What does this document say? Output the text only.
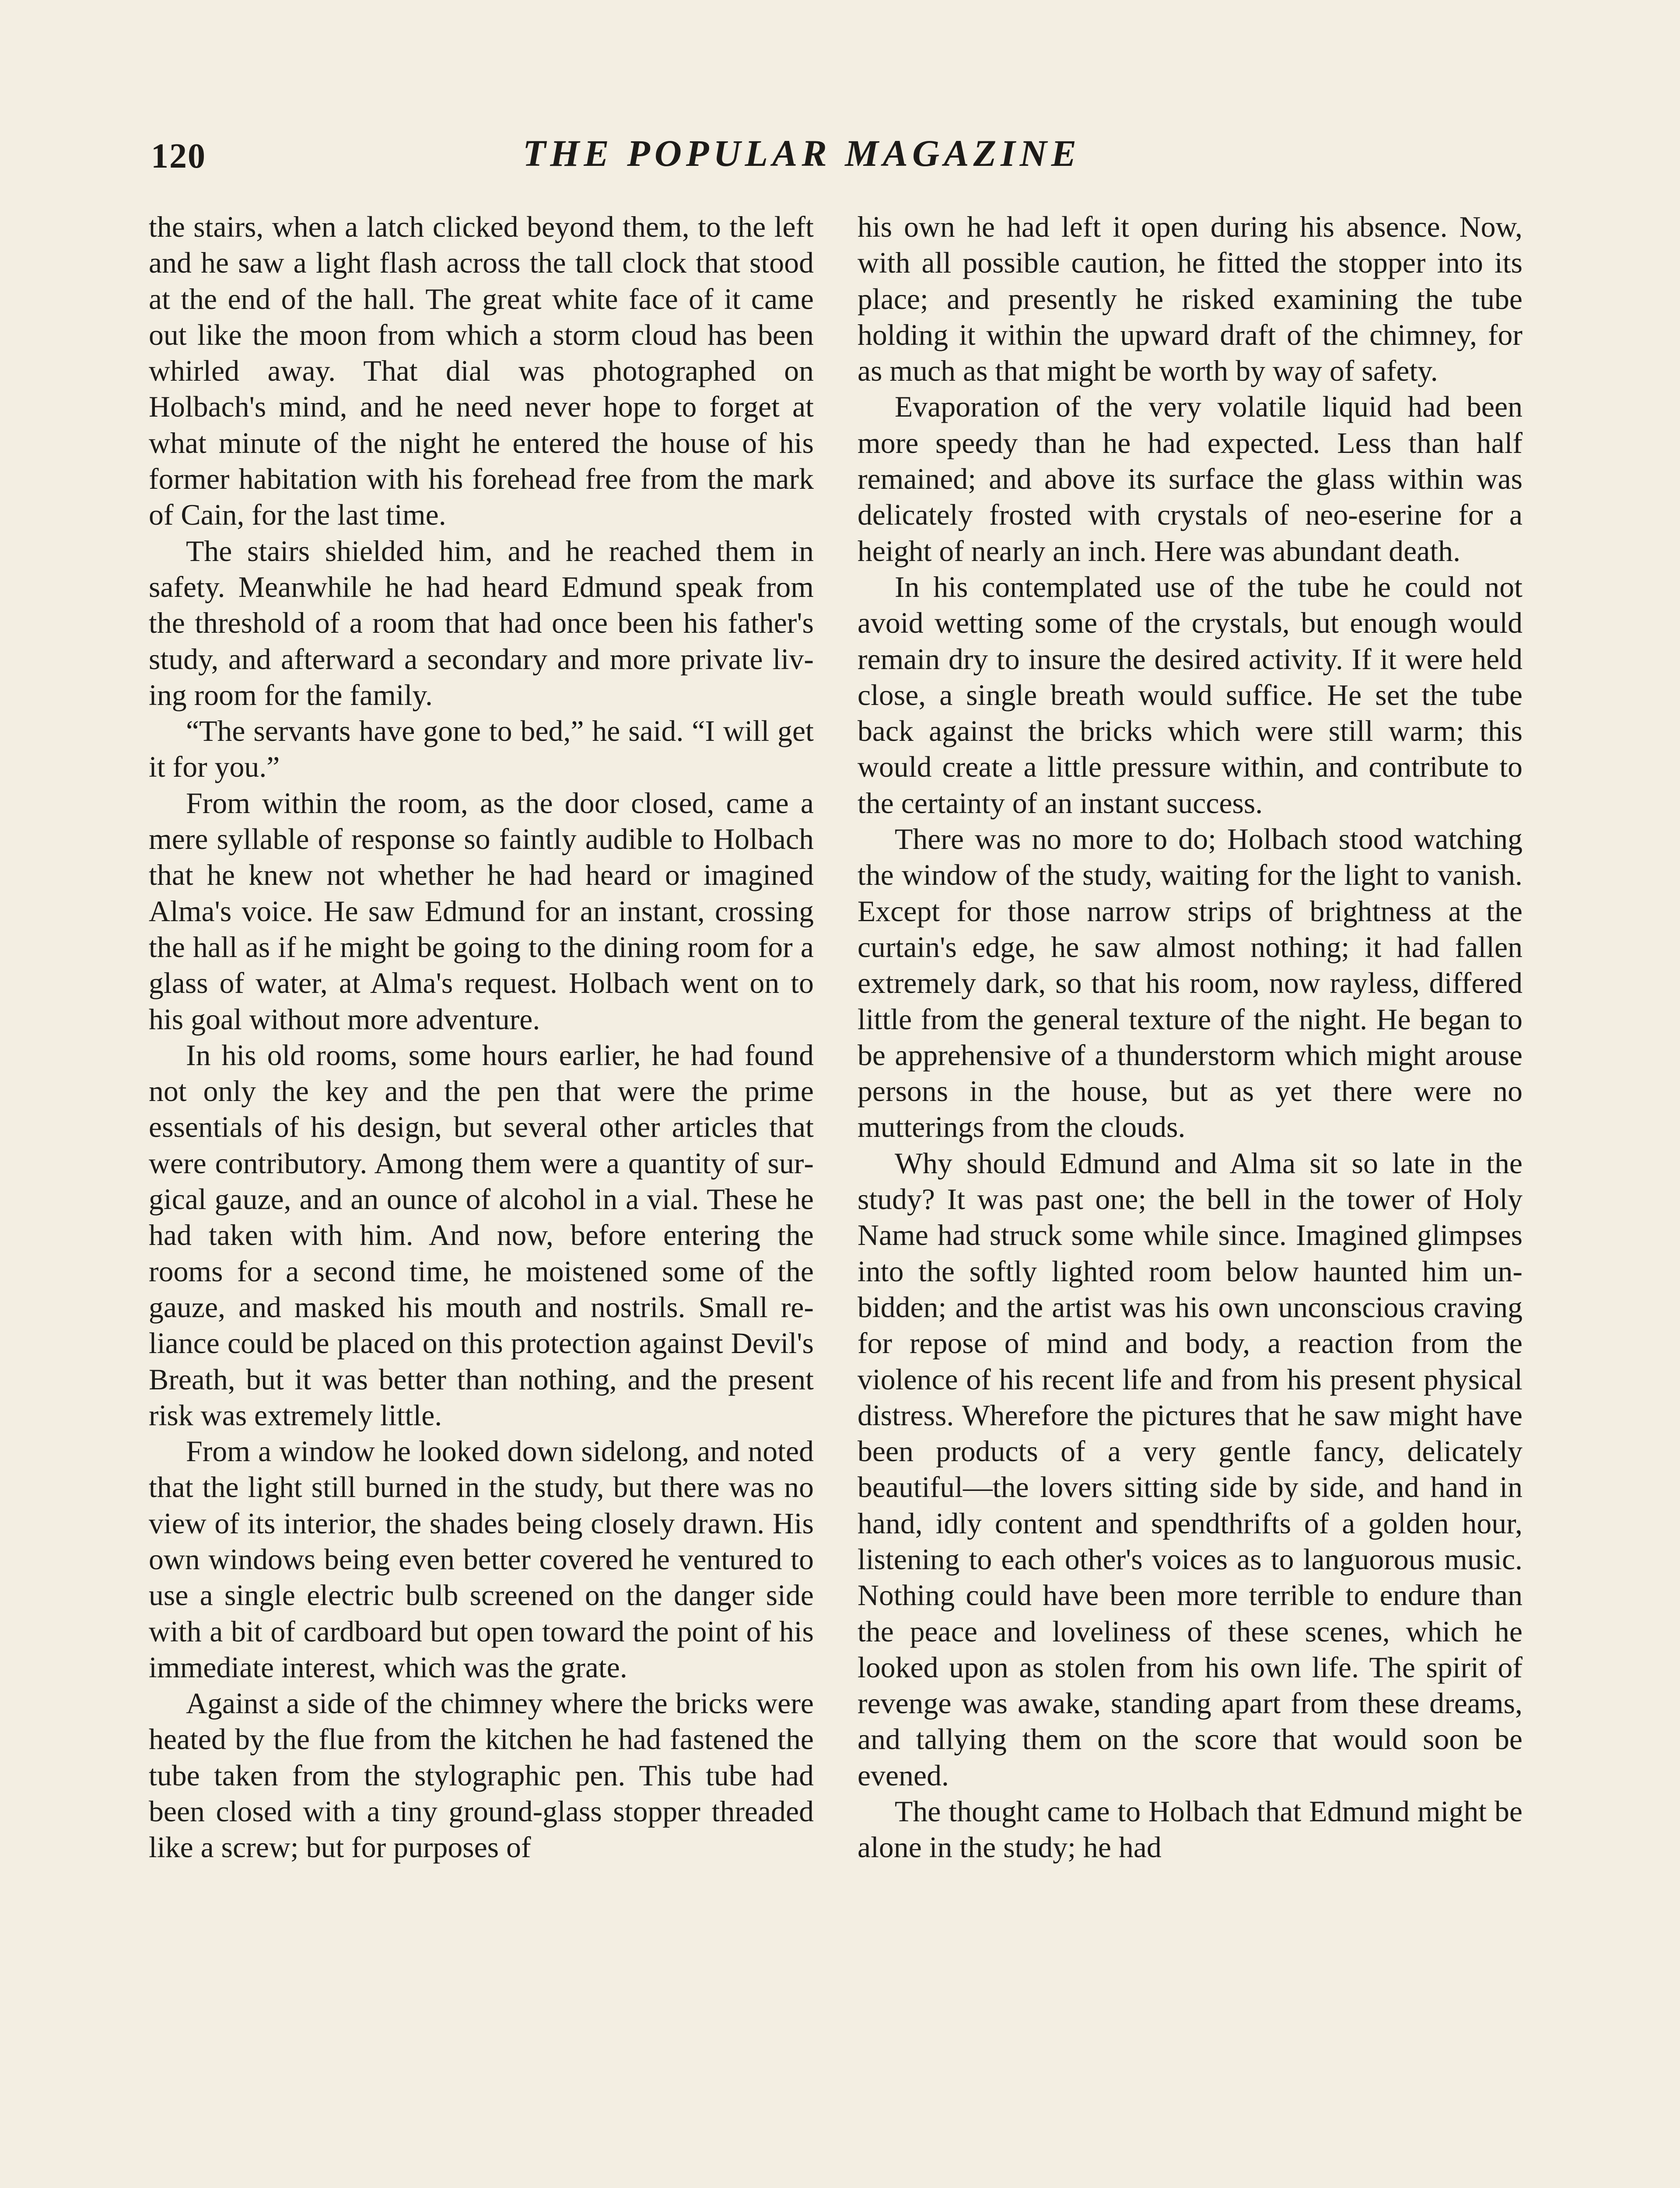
120	THE POPULAR MAGAZINE

the stairs, when a latch clicked beyond them, to the left and he saw a light flash across the tall clock that stood at the end of the hall. The great white face of it came out like the moon from which a storm cloud has been whirled away. That dial was photographed on Holbach's mind, and he need never hope to forget at what minute of the night he entered the house of his former habitation with his forehead free from the mark of Cain, for the last time.

The stairs shielded him, and he reached them in safety. Meanwhile he had heard Edmund speak from the threshold of a room that had once been his father's study, and afterward a secondary and more private living room for the family.

“The servants have gone to bed,” he said. “I will get it for you.”

From within the room, as the door closed, came a mere syllable of response so faintly audible to Holbach that he knew not whether he had heard or imagined Alma's voice. He saw Edmund for an instant, crossing the hall as if he might be going to the dining room for a glass of water, at Alma's request. Holbach went on to his goal without more adventure.

In his old rooms, some hours earlier, he had found not only the key and the pen that were the prime essentials of his design, but several other articles that were contributory. Among them were a quantity of surgical gauze, and an ounce of alcohol in a vial. These he had taken with him. And now, before entering the rooms for a second time, he moistened some of the gauze, and masked his mouth and nostrils. Small reliance could be placed on this protection against Devil's Breath, but it was better than nothing, and the present risk was extremely little.

From a window he looked down sidelong, and noted that the light still burned in the study, but there was no view of its interior, the shades being closely drawn. His own windows being even better covered he ventured to use a single electric bulb screened on the danger side with a bit of cardboard but open toward the point of his immediate interest, which was the grate.

Against a side of the chimney where the bricks were heated by the flue from the kitchen he had fastened the tube taken from the stylographic pen. This tube had been closed with a tiny ground-glass stopper threaded like a screw; but for purposes of

his own he had left it open during his absence. Now, with all possible caution, he fitted the stopper into its place; and presently he risked examining the tube holding it within the upward draft of the chimney, for as much as that might be worth by way of safety.

Evaporation of the very volatile liquid had been more speedy than he had expected. Less than half remained; and above its surface the glass within was delicately frosted with crystals of neo-eserine for a height of nearly an inch. Here was abundant death.

In his contemplated use of the tube he could not avoid wetting some of the crystals, but enough would remain dry to insure the desired activity. If it were held close, a single breath would suffice. He set the tube back against the bricks which were still warm; this would create a little pressure within, and contribute to the certainty of an instant success.

There was no more to do; Holbach stood watching the window of the study, waiting for the light to vanish. Except for those narrow strips of brightness at the curtain's edge, he saw almost nothing; it had fallen extremely dark, so that his room, now rayless, differed little from the general texture of the night. He began to be apprehensive of a thunderstorm which might arouse persons in the house, but as yet there were no mutterings from the clouds.

Why should Edmund and Alma sit so late in the study? It was past one; the bell in the tower of Holy Name had struck some while since. Imagined glimpses into the softly lighted room below haunted him unbidden; and the artist was his own unconscious craving for repose of mind and body, a reaction from the violence of his recent life and from his present physical distress. Wherefore the pictures that he saw might have been products of a very gentle fancy, delicately beautiful—the lovers sitting side by side, and hand in hand, idly content and spendthrifts of a golden hour, listening to each other's voices as to languorous music. Nothing could have been more terrible to endure than the peace and loveliness of these scenes, which he looked upon as stolen from his own life. The spirit of revenge was awake, standing apart from these dreams, and tallying them on the score that would soon be evened.

The thought came to Holbach that Edmund might be alone in the study; he had
